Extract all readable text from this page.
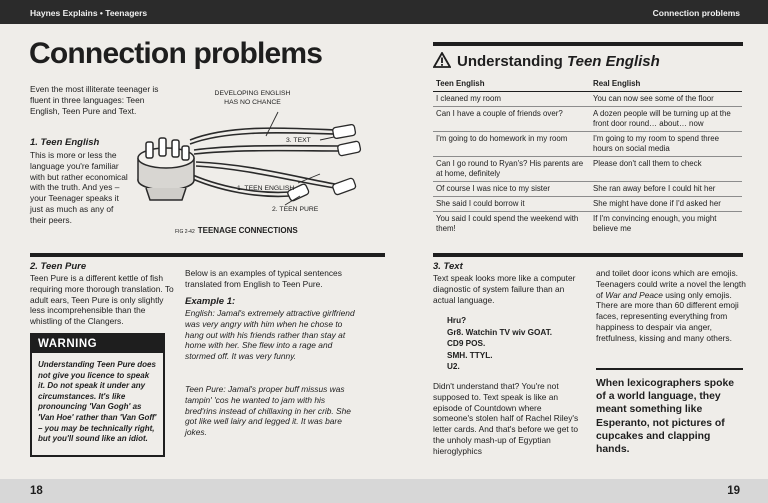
Haynes Explains • Teenagers	Connection problems
18	19
Connection problems
Even the most illiterate teenager is fluent in three languages: Teen English, Teen Pure and Text.
1. Teen English
This is more or less the language you're familiar with but rather economical with the truth. And yes – your Teenager speaks it just as much as any of their peers.
DEVELOPING ENGLISH
HAS NO CHANCE
3. TEXT
1. TEEN ENGLISH
2. TEEN PURE
FIG 2-42 TEENAGE CONNECTIONS
2. Teen Pure
Teen Pure is a different kettle of fish requiring more thorough translation. To adult ears, Teen Pure is only slightly less incomprehensible than the whistling of the Clangers.
WARNING
Understanding Teen Pure does not give you licence to speak it. Do not speak it under any circumstances. It's like pronouncing 'Van Gogh' as 'Van Hoe' rather than 'Van Goff' – you may be technically right, but you'll sound like an idiot.
Below is an examples of typical sentences translated from English to Teen Pure.
Example 1:
English: Jamal's extremely attractive girlfriend was very angry with him when he chose to hang out with his friends rather than stay at home with her. She flew into a rage and stormed off. It was very funny.
Teen Pure: Jamal's proper buff missus was tampin' 'cos he wanted to jam with his bred'rins instead of chillaxing in her crib. She got like well lairy and legged it. It was bare jokes.
Understanding Teen English
Teen English	Real English
I cleaned my room	You can now see some of the floor
Can I have a couple of friends over?	A dozen people will be turning up at the front door round… about… now
I'm going to do homework in my room	I'm going to my room to spend three hours on social media
Can I go round to Ryan's? His parents are at home, definitely	Please don't call them to check
Of course I was nice to my sister	She ran away before I could hit her
She said I could borrow it	She might have done if I'd asked her
You said I could spend the weekend with them!	If I'm convincing enough, you might believe me
3. Text
Text speak looks more like a computer diagnostic of system failure than an actual language.
Hru?
Gr8. Watchin TV wiv GOAT.
CD9 POS.
SMH. TTYL.
U2.
Didn't understand that? You're not supposed to. Text speak is like an episode of Countdown where someone's stolen half of Rachel Riley's letter cards. And that's before we get to the unholy mash-up of Egyptian hieroglyphics
and toilet door icons which are emojis. Teenagers could write a novel the length of War and Peace using only emojis. There are more than 60 different emoji faces, representing everything from happiness to despair via anger, fretfulness, kissing and many others.
When lexicographers spoke of a world language, they meant something like Esperanto, not pictures of cupcakes and clapping hands.
